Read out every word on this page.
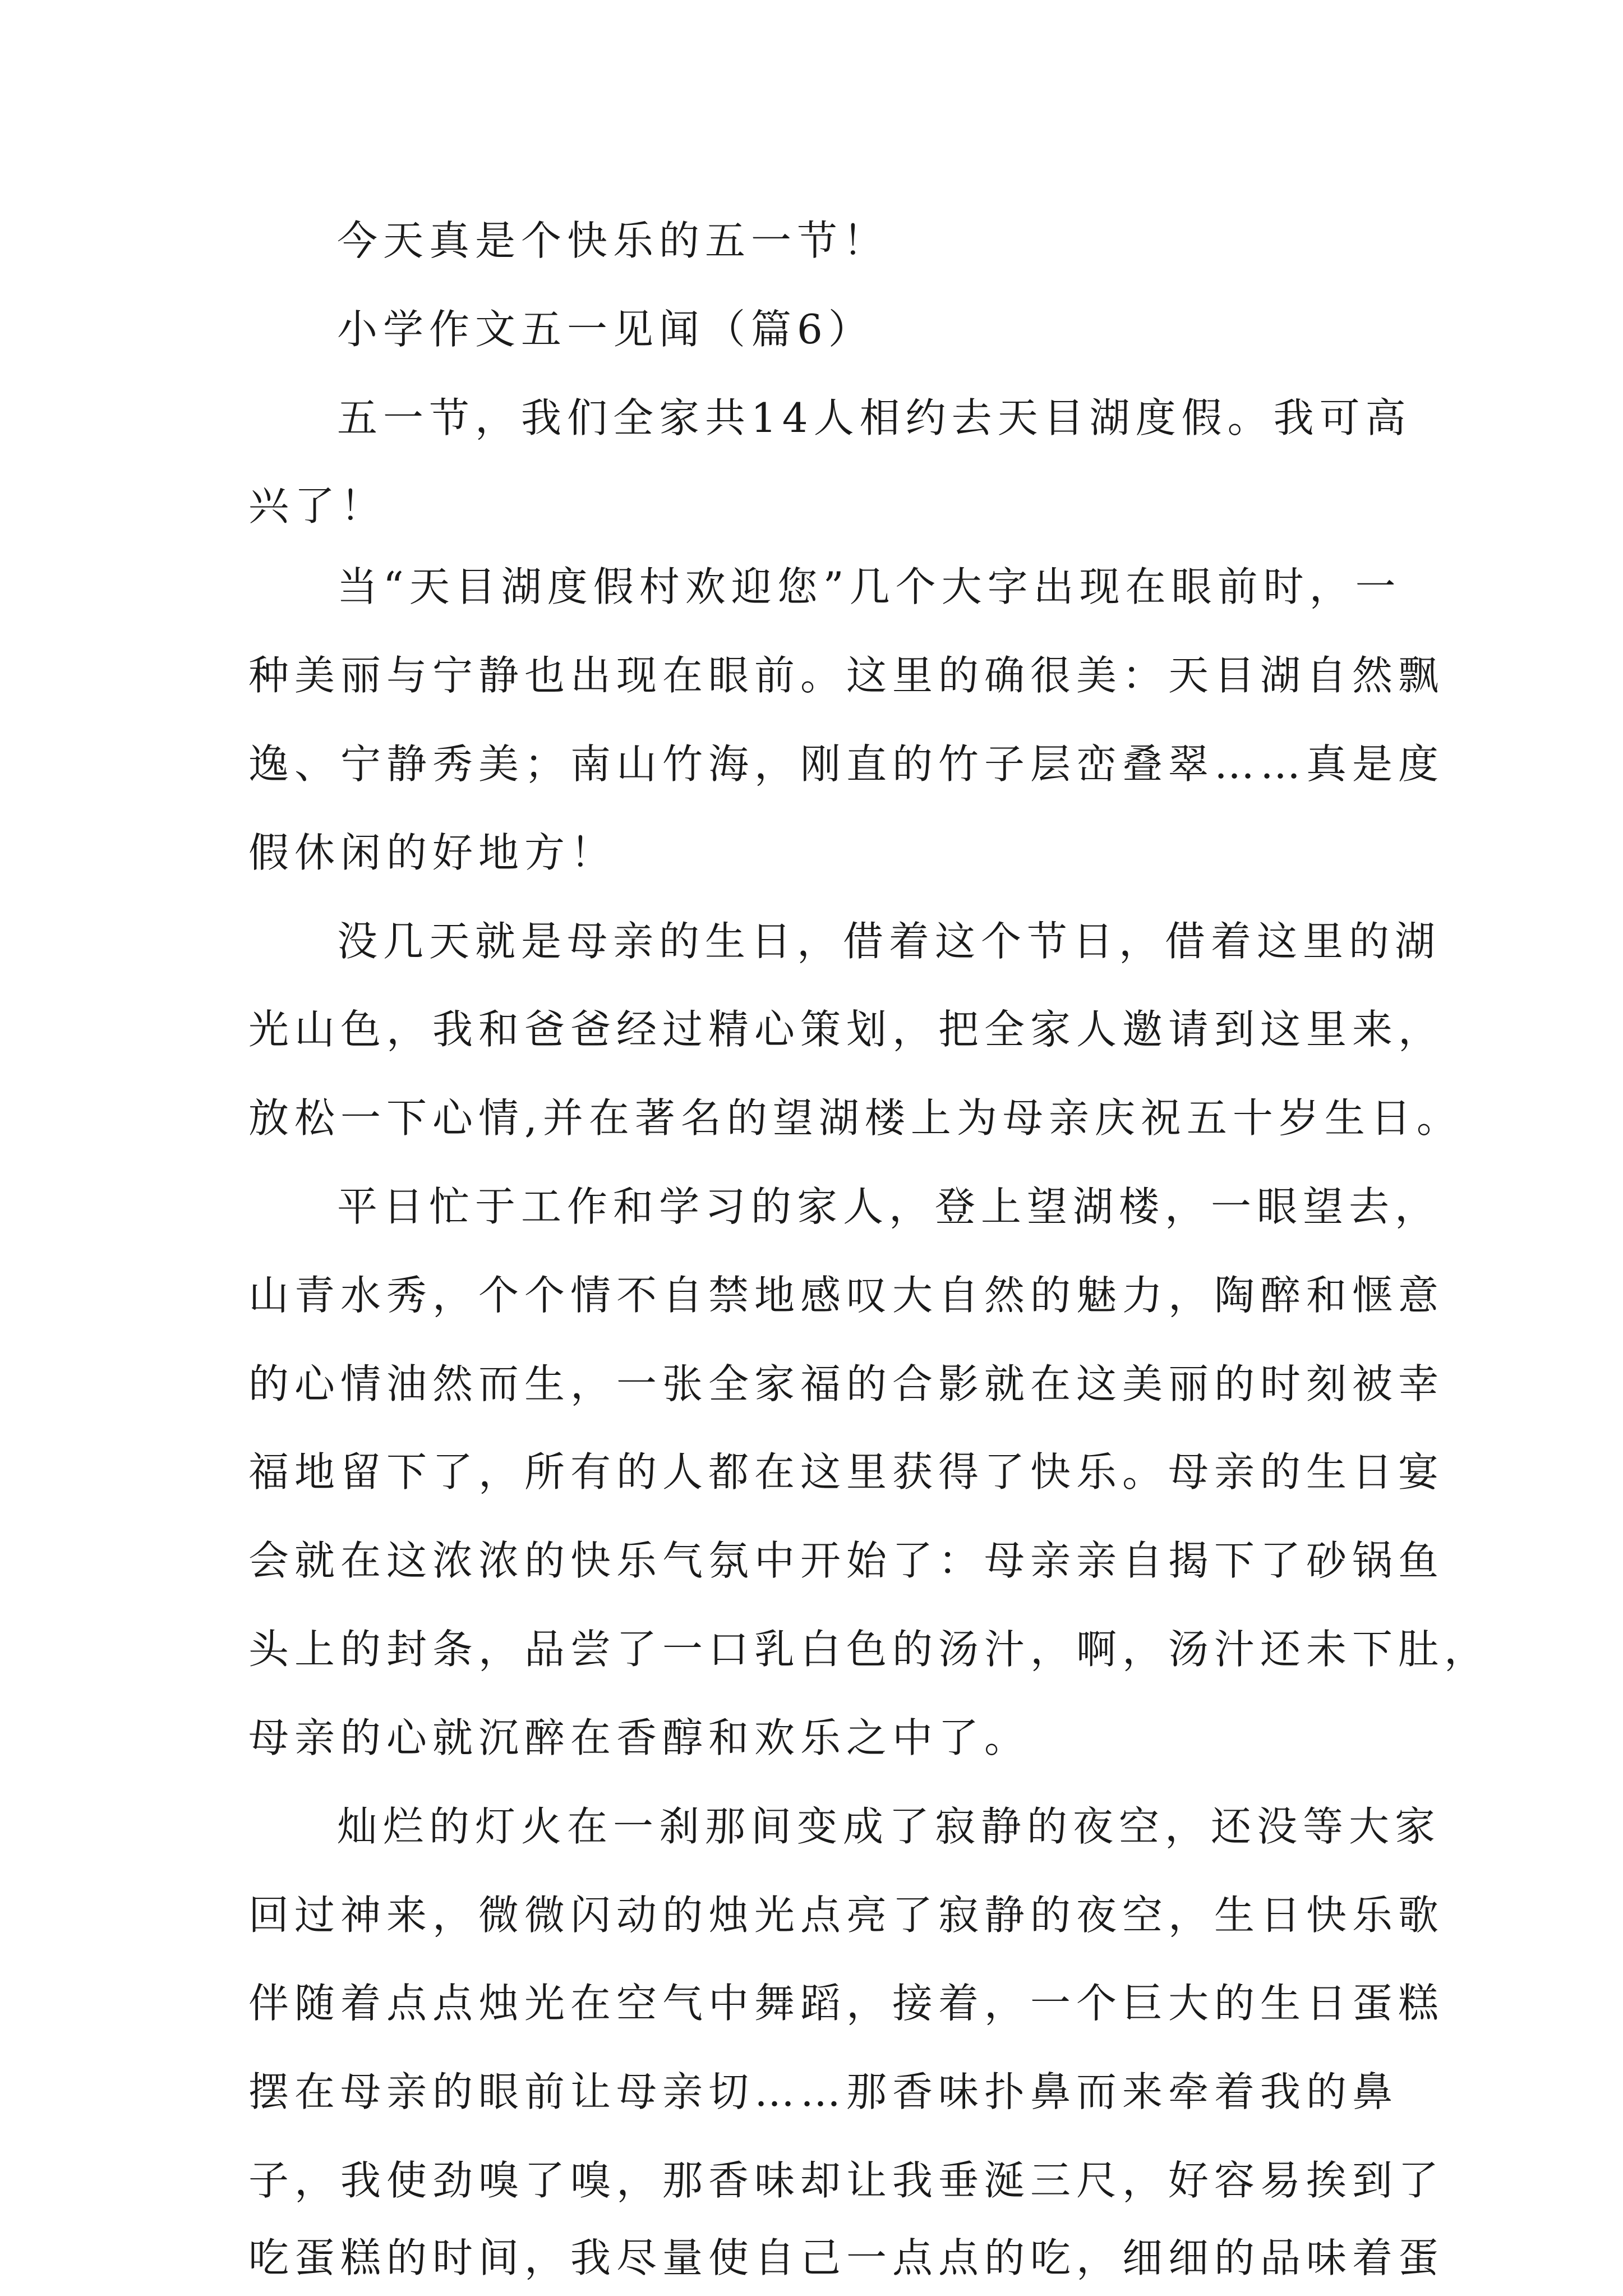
今天真是个快乐的五一节！
小学作文五一见闻（篇6）
五一节，我们全家共14人相约去天目湖度假。我可高
兴了！
当“天目湖度假村欢迎您”几个大字出现在眼前时，一
种美丽与宁静也出现在眼前。这里的确很美：天目湖自然飘
逸、宁静秀美；南山竹海，刚直的竹子层峦叠翠……真是度
假休闲的好地方！
没几天就是母亲的生日，借着这个节日，借着这里的湖
光山色，我和爸爸经过精心策划，把全家人邀请到这里来，
放松一下心情,并在著名的望湖楼上为母亲庆祝五十岁生日。
平日忙于工作和学习的家人，登上望湖楼，一眼望去，
山青水秀，个个情不自禁地感叹大自然的魅力，陶醉和惬意
的心情油然而生，一张全家福的合影就在这美丽的时刻被幸
福地留下了，所有的人都在这里获得了快乐。母亲的生日宴
会就在这浓浓的快乐气氛中开始了：母亲亲自揭下了砂锅鱼
头上的封条，品尝了一口乳白色的汤汁，啊，汤汁还未下肚，
母亲的心就沉醉在香醇和欢乐之中了。
灿烂的灯火在一刹那间变成了寂静的夜空，还没等大家
回过神来，微微闪动的烛光点亮了寂静的夜空，生日快乐歌
伴随着点点烛光在空气中舞蹈，接着，一个巨大的生日蛋糕
摆在母亲的眼前让母亲切……那香味扑鼻而来牵着我的鼻
子，我使劲嗅了嗅，那香味却让我垂涎三尺，好容易挨到了
吃蛋糕的时间，我尽量使自己一点点的吃，细细的品味着蛋
